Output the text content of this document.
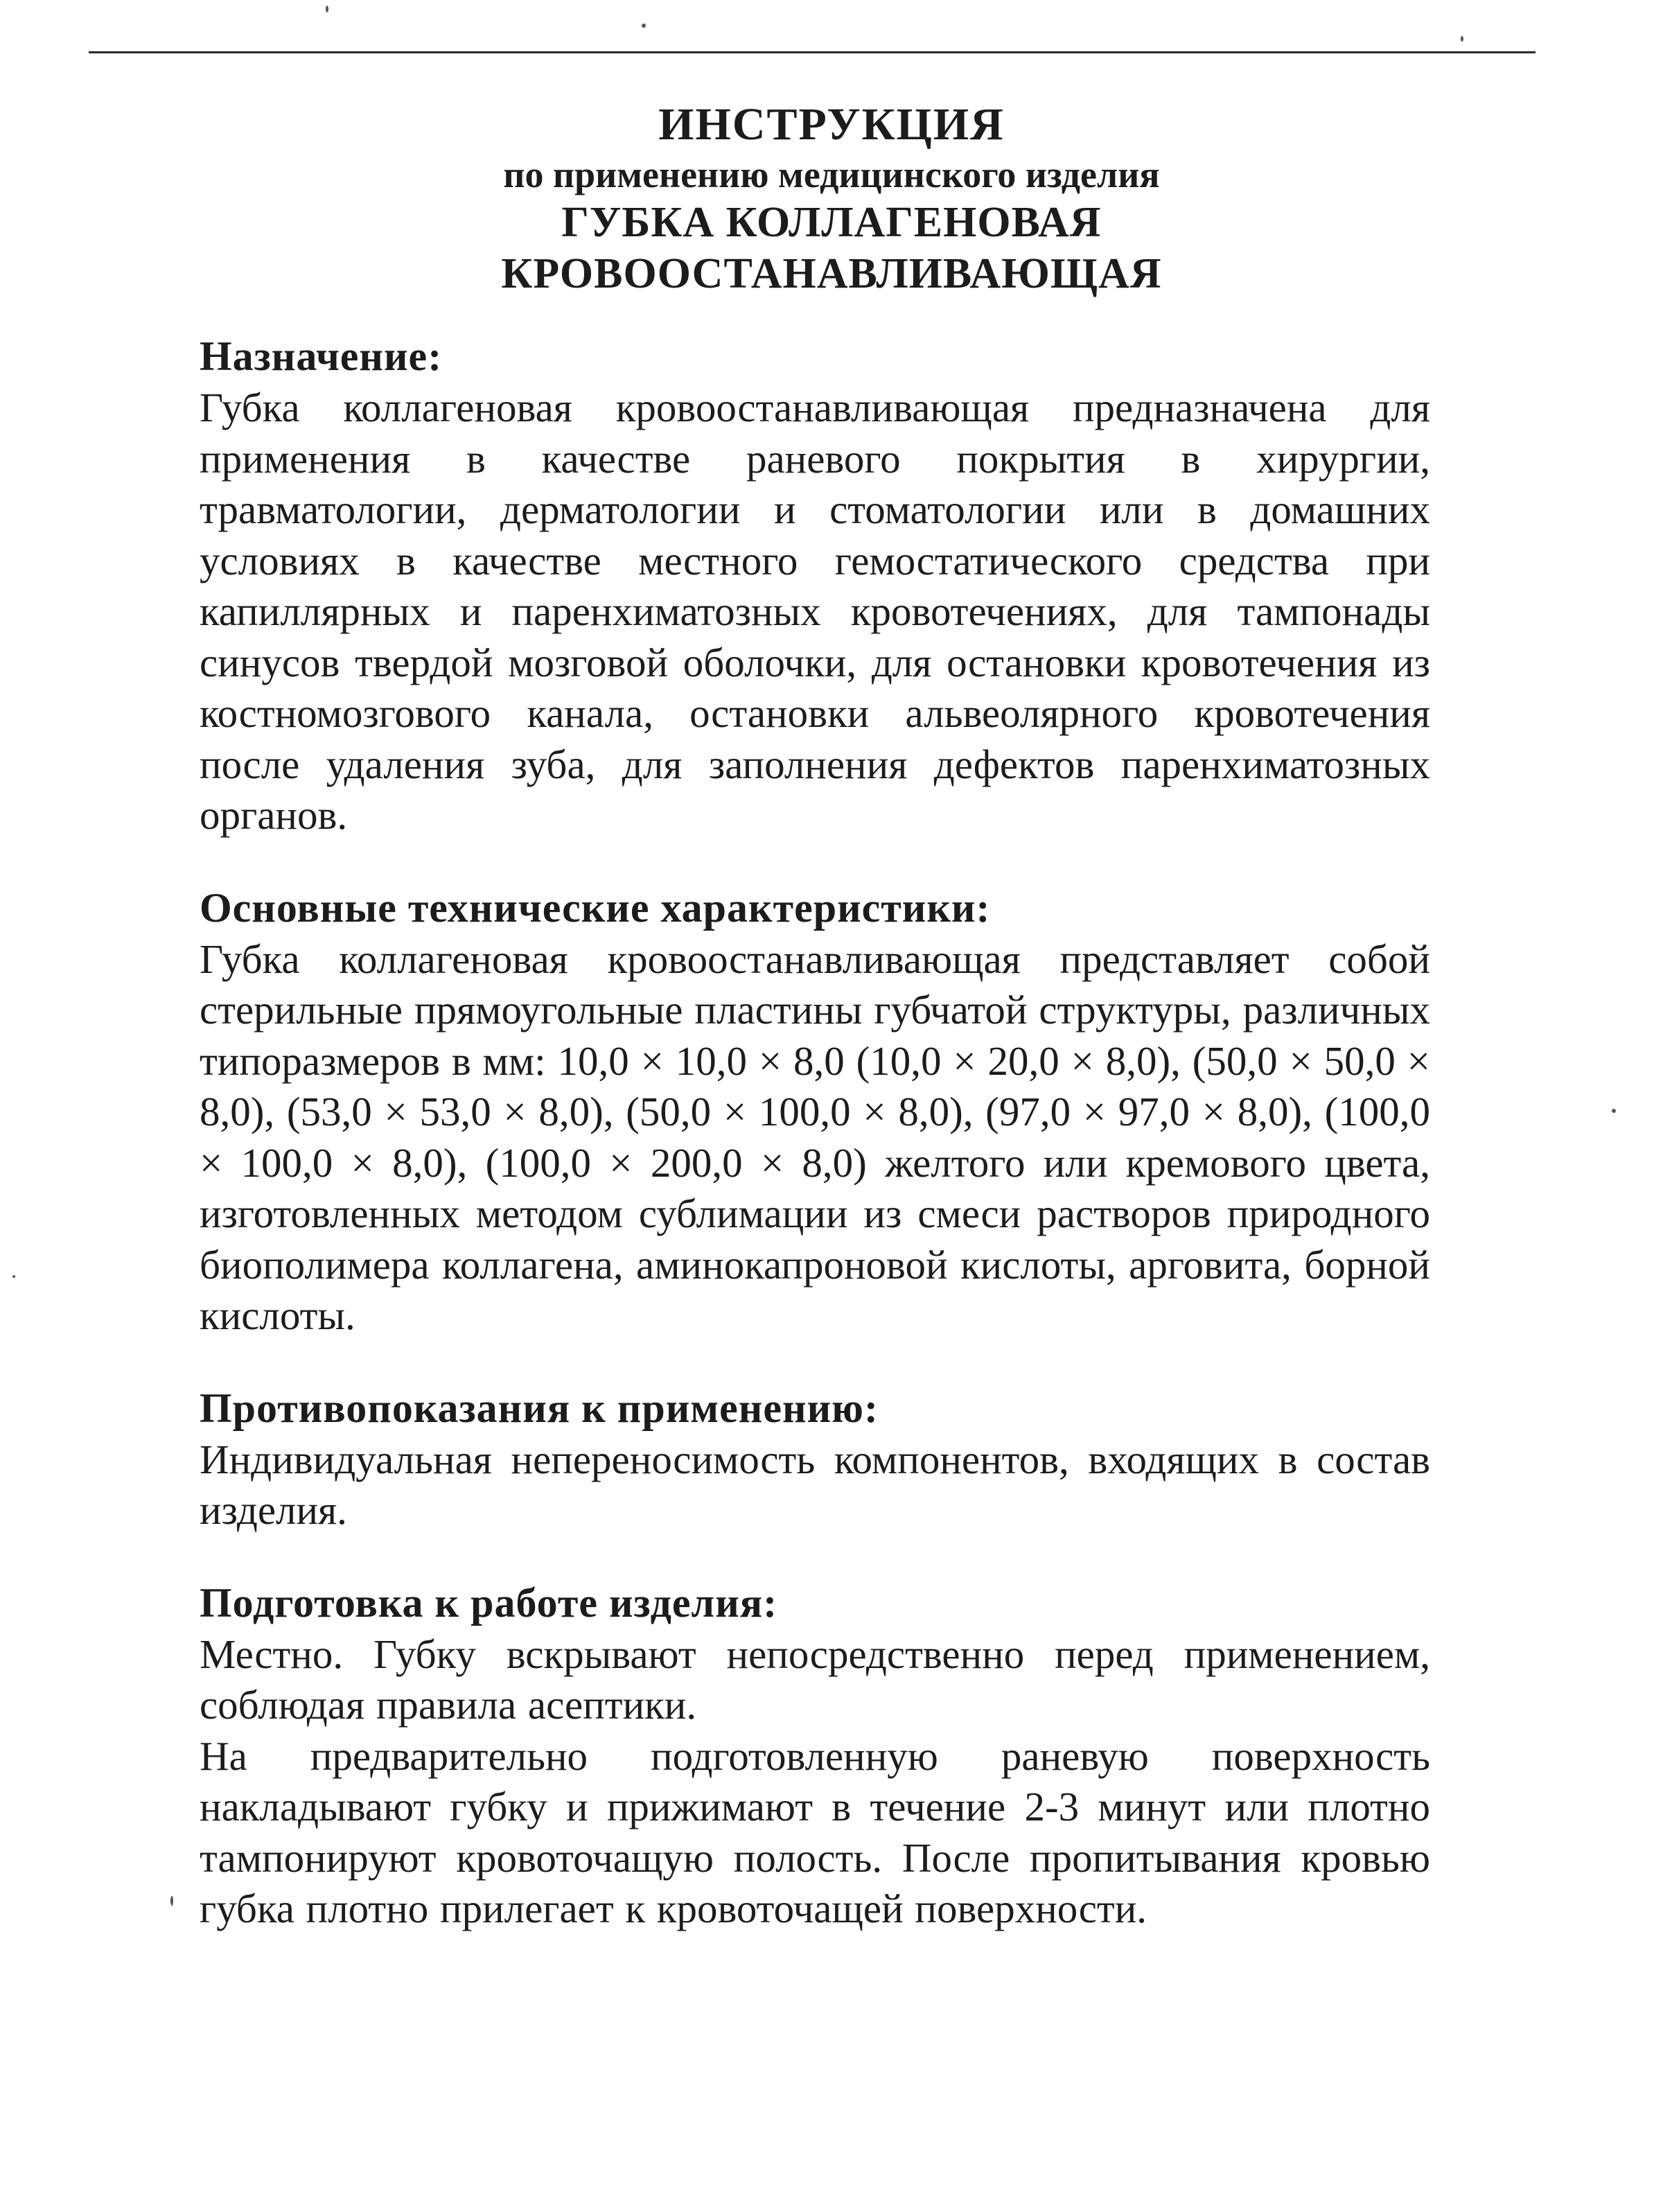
ИНСТРУКЦИЯ
по применению медицинского изделия
ГУБКА КОЛЛАГЕНОВАЯ
КРОВООСТАНАВЛИВАЮЩАЯ
Назначение:

Губка коллагеновая кровоостанавливающая предназначена для применения в качестве раневого покрытия в хирургии, травматологии, дерматологии и стоматологии или в домашних условиях в качестве местного гемостатического средства при капиллярных и паренхиматозных кровотечениях, для тампонады синусов твердой мозговой оболочки, для остановки кровотечения из костномозгового канала, остановки альвеолярного кровотечения после удаления зуба, для заполнения дефектов паренхиматозных органов.

Основные технические характеристики:

Губка коллагеновая кровоостанавливающая представляет собой стерильные прямоугольные пластины губчатой структуры, различных типоразмеров в мм: 10,0 × 10,0 × 8,0 (10,0 × 20,0 × 8,0), (50,0 × 50,0 × 8,0), (53,0 × 53,0 × 8,0), (50,0 × 100,0 × 8,0), (97,0 × 97,0 × 8,0), (100,0 × 100,0 × 8,0), (100,0 × 200,0 × 8,0) желтого или кремового цвета, изготовленных методом сублимации из смеси растворов природного биополимера коллагена, аминокапроновой кислоты, арговита, борной кислоты.

Противопоказания к применению:

Индивидуальная непереносимость компонентов, входящих в состав изделия.

Подготовка к работе изделия:

Местно. Губку вскрывают непосредственно перед применением, соблюдая правила асептики.

На предварительно подготовленную раневую поверхность накладывают губку и прижимают в течение 2-3 минут или плотно тампонируют кровоточащую полость. После пропитывания кровью губка плотно прилегает к кровоточащей поверхности.
